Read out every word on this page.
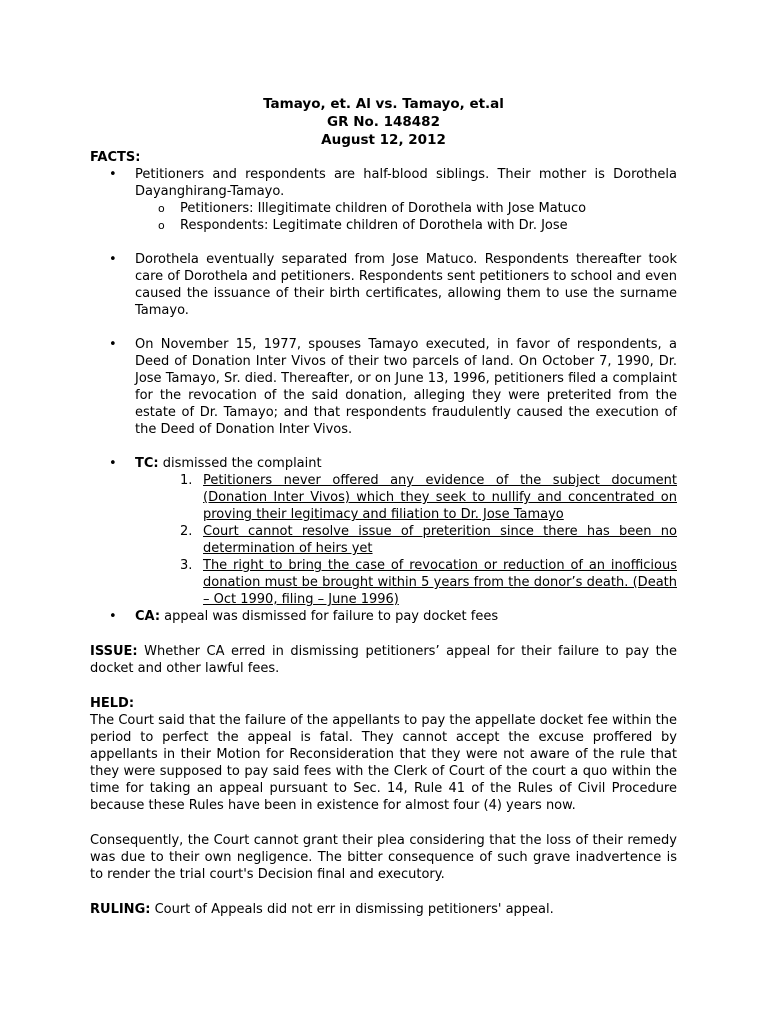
Tamayo, et. Al vs. Tamayo, et.al
GR No. 148482
August 12, 2012
FACTS:
• Petitioners and respondents are half-blood siblings. Their mother is Dorothela Dayanghirang-Tamayo.
o Petitioners: Illegitimate children of Dorothela with Jose Matuco
o Respondents: Legitimate children of Dorothela with Dr. Jose
• Dorothela eventually separated from Jose Matuco. Respondents thereafter took care of Dorothela and petitioners. Respondents sent petitioners to school and even caused the issuance of their birth certificates, allowing them to use the surname Tamayo.
• On November 15, 1977, spouses Tamayo executed, in favor of respondents, a Deed of Donation Inter Vivos of their two parcels of land. On October 7, 1990, Dr. Jose Tamayo, Sr. died. Thereafter, or on June 13, 1996, petitioners filed a complaint for the revocation of the said donation, alleging they were preterited from the estate of Dr. Tamayo; and that respondents fraudulently caused the execution of the Deed of Donation Inter Vivos.
• TC: dismissed the complaint
1. Petitioners never offered any evidence of the subject document (Donation Inter Vivos) which they seek to nullify and concentrated on proving their legitimacy and filiation to Dr. Jose Tamayo
2. Court cannot resolve issue of preterition since there has been no determination of heirs yet
3. The right to bring the case of revocation or reduction of an inofficious donation must be brought within 5 years from the donor’s death. (Death – Oct 1990, filing – June 1996)
• CA: appeal was dismissed for failure to pay docket fees

ISSUE: Whether CA erred in dismissing petitioners’ appeal for their failure to pay the docket and other lawful fees.

HELD:

The Court said that the failure of the appellants to pay the appellate docket fee within the period to perfect the appeal is fatal. They cannot accept the excuse proffered by appellants in their Motion for Reconsideration that they were not aware of the rule that they were supposed to pay said fees with the Clerk of Court of the court a quo within the time for taking an appeal pursuant to Sec. 14, Rule 41 of the Rules of Civil Procedure because these Rules have been in existence for almost four (4) years now.

Consequently, the Court cannot grant their plea considering that the loss of their remedy was due to their own negligence. The bitter consequence of such grave inadvertence is to render the trial court's Decision final and executory.

RULING: Court of Appeals did not err in dismissing petitioners' appeal.
